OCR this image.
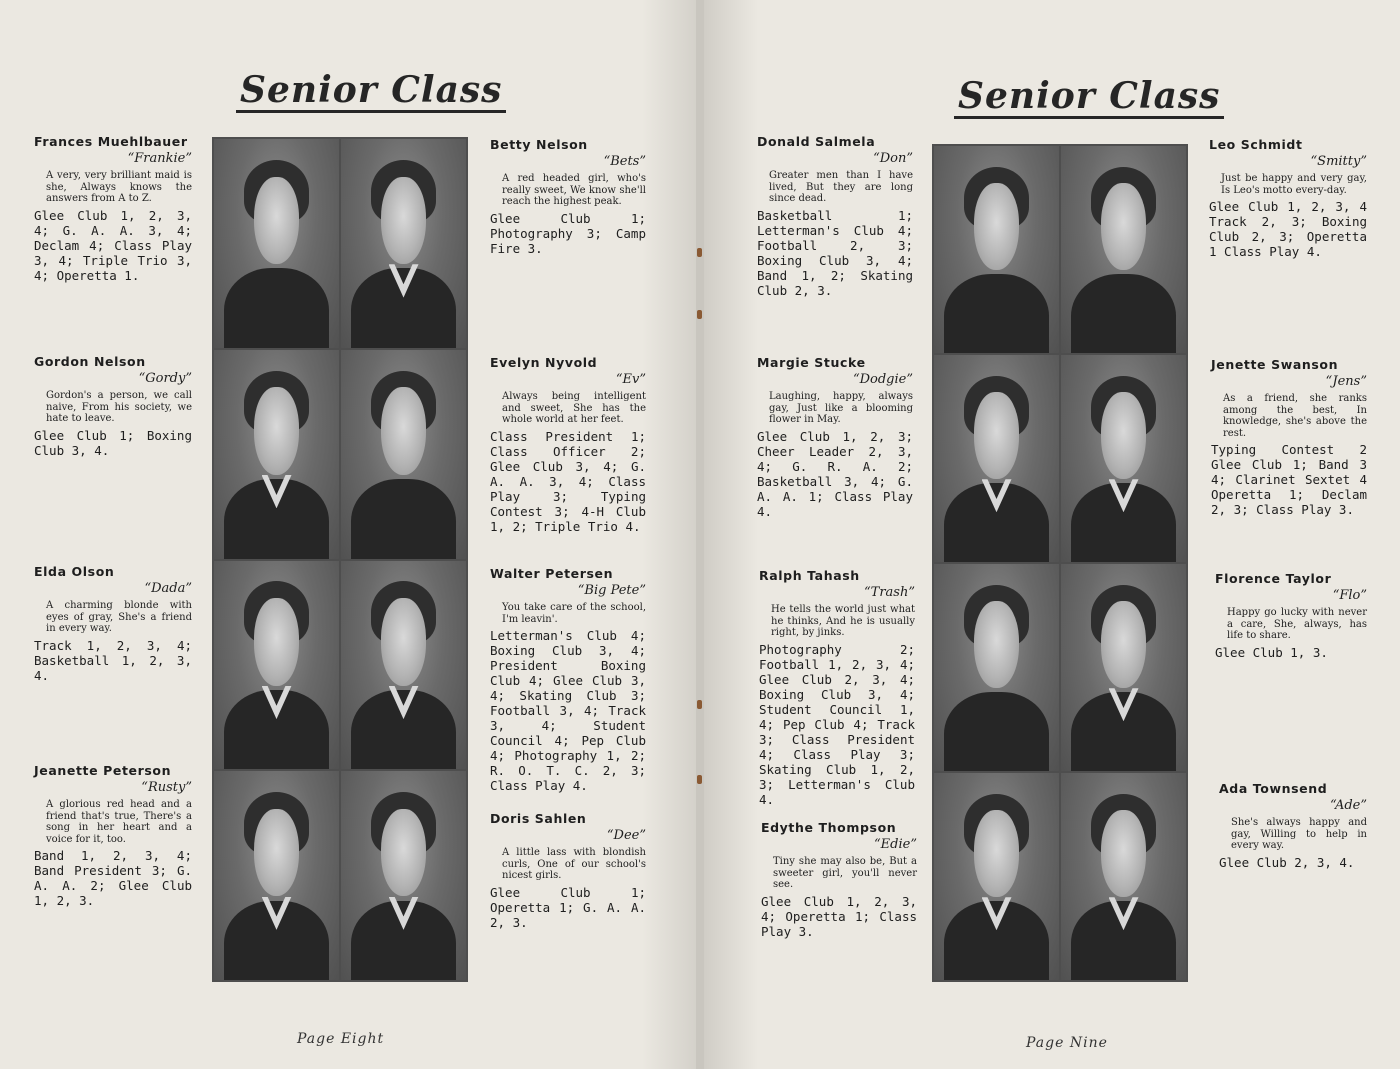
Senior Class

Frances Muehlbauer

“Frankie”

A very, very brilliant maid is she, Always knows the answers from A to Z.

Glee Club 1, 2, 3, 4; G. A. A. 3, 4; Declam 4; Class Play 3, 4; Triple Trio 3, 4; Operetta 1.

Betty Nelson

“Bets”

A red headed girl, who's really sweet, We know she'll reach the highest peak.

Glee Club 1; Photography 3; Camp Fire 3.

Gordon Nelson

“Gordy”

Gordon's a person, we call naive, From his society, we hate to leave.

Glee Club 1; Boxing Club 3, 4.

Evelyn Nyvold

“Ev”

Always being intelligent and sweet, She has the whole world at her feet.

Class President 1; Class Officer 2; Glee Club 3, 4; G. A. A. 3, 4; Class Play 3; Typing Contest 3; 4-H Club 1, 2; Triple Trio 4.

Elda Olson

“Dada”

A charming blonde with eyes of gray, She's a friend in every way.

Track 1, 2, 3, 4; Basketball 1, 2, 3, 4.

Walter Petersen

“Big Pete”

You take care of the school, I'm leavin'.

Letterman's Club 4; Boxing Club 3, 4; President Boxing Club 4; Glee Club 3, 4; Skating Club 3; Football 3, 4; Track 3, 4; Student Council 4; Pep Club 4; Photography 1, 2; R. O. T. C. 2, 3; Class Play 4.

Jeanette Peterson

“Rusty”

A glorious red head and a friend that's true, There's a song in her heart and a voice for it, too.

Band 1, 2, 3, 4; Band President 3; G. A. A. 2; Glee Club 1, 2, 3.

Doris Sahlen

“Dee”

A little lass with blondish curls, One of our school's nicest girls.

Glee Club 1; Operetta 1; G. A. A. 2, 3.

Page Eight
Senior Class

Donald Salmela

“Don”

Greater men than I have lived, But they are long since dead.

Basketball 1; Letterman's Club 4; Football 2, 3; Boxing Club 3, 4; Band 1, 2; Skating Club 2, 3.

Leo Schmidt

“Smitty”

Just be happy and very gay, Is Leo's motto every-day.

Glee Club 1, 2, 3, 4 Track 2, 3; Boxing Club 2, 3; Operetta 1 Class Play 4.

Margie Stucke

“Dodgie”

Laughing, happy, always gay, Just like a blooming flower in May.

Glee Club 1, 2, 3; Cheer Leader 2, 3, 4; G. R. A. 2; Basketball 3, 4; G. A. A. 1; Class Play 4.

Jenette Swanson

“Jens”

As a friend, she ranks among the best, In knowledge, she's above the rest.

Typing Contest 2 Glee Club 1; Band 3 4; Clarinet Sextet 4 Operetta 1; Declam 2, 3; Class Play 3.

Ralph Tahash

“Trash”

He tells the world just what he thinks, And he is usually right, by jinks.

Photography 2; Football 1, 2, 3, 4; Glee Club 2, 3, 4; Boxing Club 3, 4; Student Council 1, 4; Pep Club 4; Track 3; Class President 4; Class Play 3; Skating Club 1, 2, 3; Letterman's Club 4.

Florence Taylor

“Flo”

Happy go lucky with never a care, She, always, has life to share.

Glee Club 1, 3.

Edythe Thompson

“Edie”

Tiny she may also be, But a sweeter girl, you'll never see.

Glee Club 1, 2, 3, 4; Operetta 1; Class Play 3.

Ada Townsend

“Ade”

She's always happy and gay, Willing to help in every way.

Glee Club 2, 3, 4.

Page Nine
